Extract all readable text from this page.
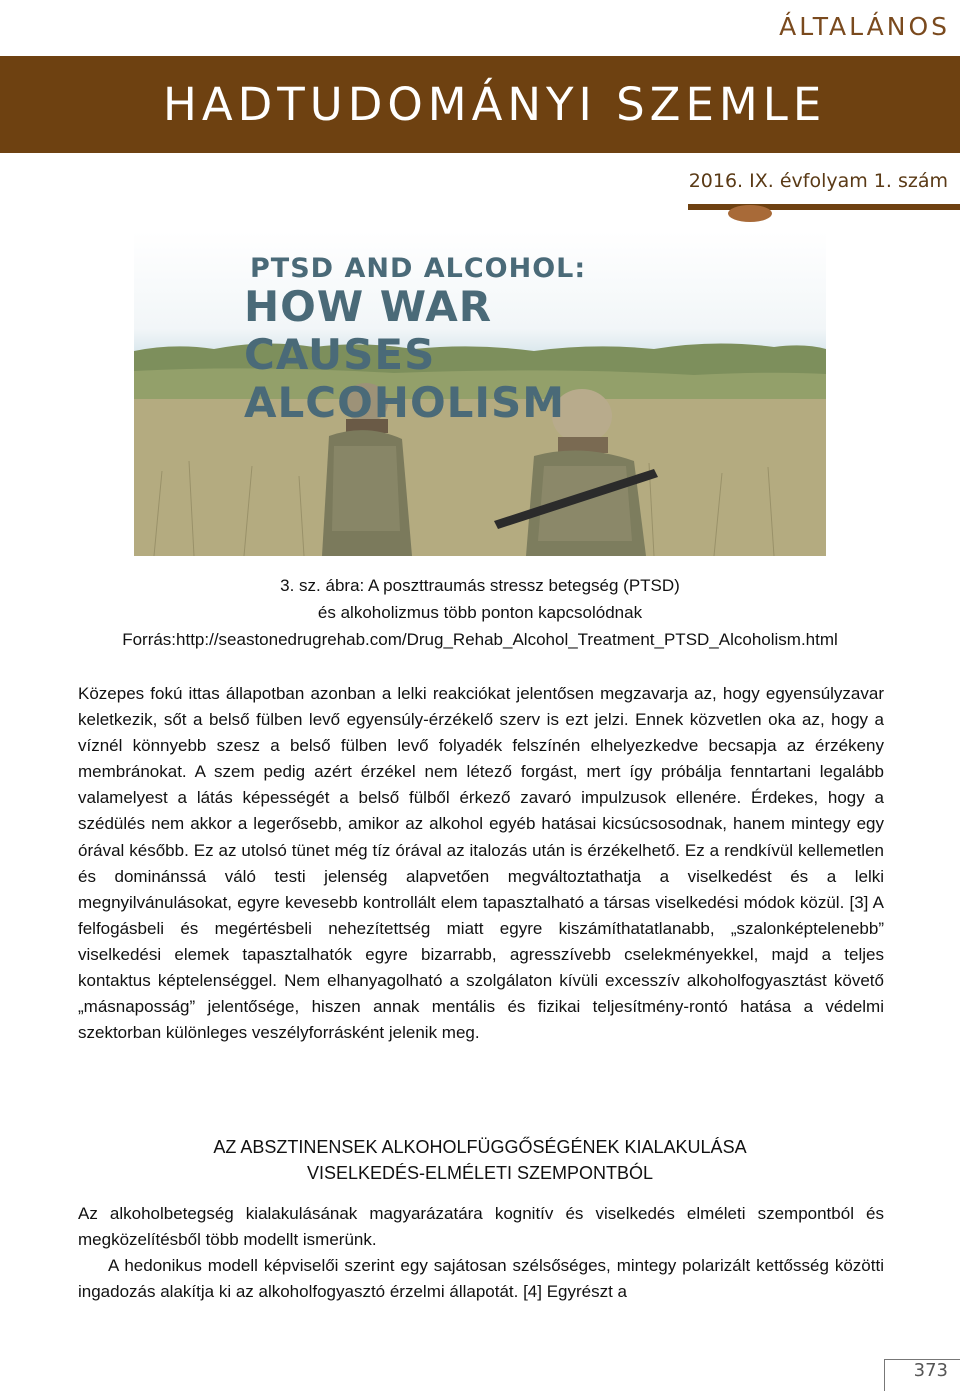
ÁLTALÁNOS
HADTUDOMÁNYI SZEMLE
2016. IX. évfolyam 1. szám
PTSD AND ALCOHOL:
HOW WAR CAUSES ALCOHOLISM
3. sz. ábra: A poszttraumás stressz betegség (PTSD)
és alkoholizmus több ponton kapcsolódnak
Forrás:http://seastonedrugrehab.com/Drug_Rehab_Alcohol_Treatment_PTSD_Alcoholism.html

Közepes fokú ittas állapotban azonban a lelki reakciókat jelentősen megzavarja az, hogy egyensúlyzavar keletkezik, sőt a belső fülben levő egyensúly-érzékelő szerv is ezt jelzi. Ennek közvetlen oka az, hogy a víznél könnyebb szesz a belső fülben levő folyadék felszínén elhelyezkedve becsapja az érzékeny membránokat. A szem pedig azért érzékel nem létező forgást, mert így próbálja fenntartani legalább valamelyest a látás képességét a belső fülből érkező zavaró impulzusok ellenére. Érdekes, hogy a szédülés nem akkor a legerősebb, amikor az alkohol egyéb hatásai kicsúcsosodnak, hanem mintegy egy órával később. Ez az utolsó tünet még tíz órával az italozás után is érzékelhető. Ez a rendkívül kellemetlen és dominánssá váló testi jelenség alapvetően megváltoztathatja a viselkedést és a lelki megnyilvánulásokat, egyre kevesebb kontrollált elem tapasztalható a társas viselkedési módok közül. [3] A felfogásbeli és megértésbeli nehezítettség miatt egyre kiszámíthatatlanabb, „szalonképtelenebb” viselkedési elemek tapasztalhatók egyre bizarrabb, agresszívebb cselekményekkel, majd a teljes kontaktus képtelenséggel. Nem elhanyagolható a szolgálaton kívüli excesszív alkoholfogyasztást követő „másnaposság” jelentősége, hiszen annak mentális és fizikai teljesítmény-rontó hatása a védelmi szektorban különleges veszélyforrásként jelenik meg.

AZ ABSZTINENSEK ALKOHOLFÜGGŐSÉGÉNEK KIALAKULÁSA
VISELKEDÉS-ELMÉLETI SZEMPONTBÓL

Az alkoholbetegség kialakulásának magyarázatára kognitív és viselkedés elméleti szempontból és megközelítésből több modellt ismerünk.

A hedonikus modell képviselői szerint egy sajátosan szélsőséges, mintegy polarizált kettősség közötti ingadozás alakítja ki az alkoholfogyasztó érzelmi állapotát. [4] Egyrészt a

373
